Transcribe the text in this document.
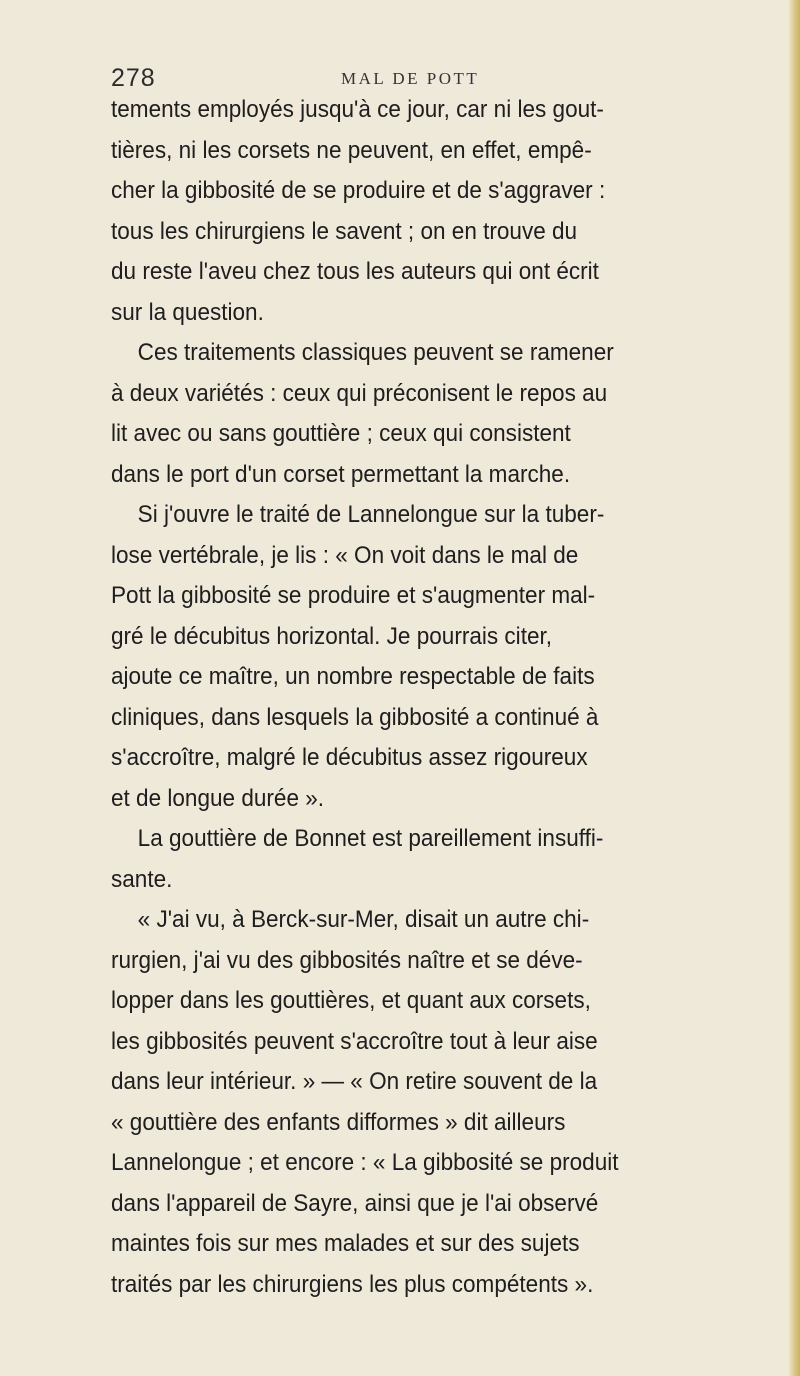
278	MAL DE POTT
tements employés jusqu'à ce jour, car ni les gout-
tières, ni les corsets ne peuvent, en effet, empê-
cher la gibbosité de se produire et de s'aggraver :
tous les chirurgiens le savent ; on en trouve du
du reste l'aveu chez tous les auteurs qui ont écrit
sur la question.
Ces traitements classiques peuvent se ramener
à deux variétés : ceux qui préconisent le repos au
lit avec ou sans gouttière ; ceux qui consistent
dans le port d'un corset permettant la marche.
Si j'ouvre le traité de Lannelongue sur la tuber-
lose vertébrale, je lis : « On voit dans le mal de
Pott la gibbosité se produire et s'augmenter mal-
gré le décubitus horizontal. Je pourrais citer,
ajoute ce maître, un nombre respectable de faits
cliniques, dans lesquels la gibbosité a continué à
s'accroître, malgré le décubitus assez rigoureux
et de longue durée ».
La gouttière de Bonnet est pareillement insuffi-
sante.
« J'ai vu, à Berck-sur-Mer, disait un autre chi-
rurgien, j'ai vu des gibbosités naître et se déve-
lopper dans les gouttières, et quant aux corsets,
les gibbosités peuvent s'accroître tout à leur aise
dans leur intérieur. » — « On retire souvent de la
« gouttière des enfants difformes » dit ailleurs
Lannelongue ; et encore : « La gibbosité se produit
dans l'appareil de Sayre, ainsi que je l'ai observé
maintes fois sur mes malades et sur des sujets
traités par les chirurgiens les plus compétents ».
